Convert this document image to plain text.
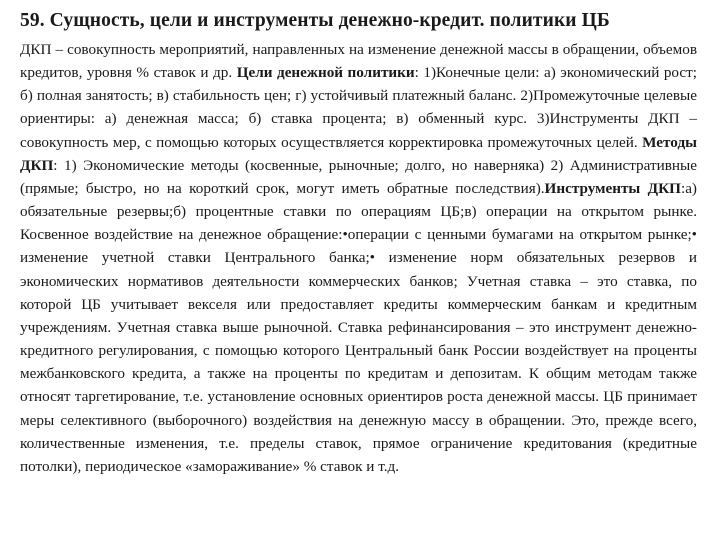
59. Сущность, цели и инструменты денежно-кредит. политики ЦБ
ДКП – совокупность мероприятий, направленных на изменение денежной массы в обращении, объемов кредитов, уровня % ставок и др. Цели денежной политики: 1)Конечные цели: а) экономический рост; б) полная занятость; в) стабильность цен; г) устойчивый платежный баланс. 2)Промежуточные целевые ориентиры: а) денежная масса; б) ставка процента; в) обменный курс. 3)Инструменты ДКП – совокупность мер, с помощью которых осуществляется корректировка промежуточных целей. Методы ДКП: 1) Экономические методы (косвенные, рыночные; долго, но наверняка) 2) Административные (прямые; быстро, но на короткий срок, могут иметь обратные последствия).Инструменты ДКП:а) обязательные резервы;б) процентные ставки по операциям ЦБ;в) операции на открытом рынке. Косвенное воздействие на денежное обращение:•операции с ценными бумагами на открытом рынке;• изменение учетной ставки Центрального банка;• изменение норм обязательных резервов и экономических нормативов деятельности коммерческих банков; Учетная ставка – это ставка, по которой ЦБ учитывает векселя или предоставляет кредиты коммерческим банкам и кредитным учреждениям. Учетная ставка выше рыночной. Ставка рефинансирования – это инструмент денежно-кредитного регулирования, с помощью которого Центральный банк России воздействует на проценты межбанковского кредита, а также на проценты по кредитам и депозитам. К общим методам также относят таргетирование, т.е. установление основных ориентиров роста денежной массы. ЦБ принимает меры селективного (выборочного) воздействия на денежную массу в обращении. Это, прежде всего, количественные изменения, т.е. пределы ставок, прямое ограничение кредитования (кредитные потолки), периодическое «замораживание» % ставок и т.д.
